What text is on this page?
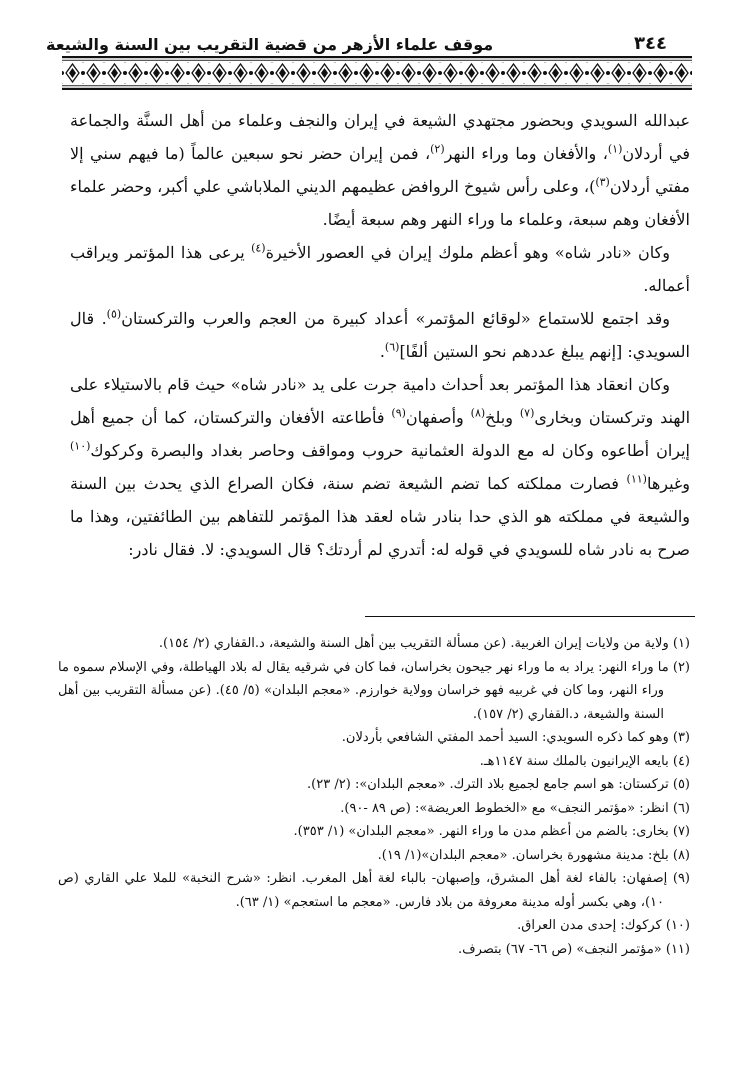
٣٤٤
موقف علماء الأزهر من قضية التقريب بين السنة والشيعة

عبدالله السويدي وبحضور مجتهدي الشيعة في إيران والنجف وعلماء من أهل السنَّة والجماعة في أردلان$^{(١)}$، والأفغان وما وراء النهر$^{(٢)}$، فمن إيران حضر نحو سبعين عالماً (ما فيهم سني إلا مفتي أردلان$^{(٣)}$)، وعلى رأس شيوخ الروافض عظيمهم الديني الملاباشي علي أكبر، وحضر علماء الأفغان وهم سبعة، وعلماء ما وراء النهر وهم سبعة أيضًا.

وكان «نادر شاه» وهو أعظم ملوك إيران في العصور الأخيرة$^{(٤)}$ يرعى هذا المؤتمر ويراقب أعماله.

وقد اجتمع للاستماع «لوقائع المؤتمر» أعداد كبيرة من العجم والعرب والتركستان$^{(٥)}$. قال السويدي: [إنهم يبلغ عددهم نحو الستين ألفًا]$^{(٦)}$.

وكان انعقاد هذا المؤتمر بعد أحداث دامية جرت على يد «نادر شاه» حيث قام بالاستيلاء على الهند وتركستان وبخارى$^{(٧)}$ وبلخ$^{(٨)}$ وأصفهان$^{(٩)}$ فأطاعته الأفغان والتركستان، كما أن جميع أهل إيران أطاعوه وكان له مع الدولة العثمانية حروب ومواقف وحاصر بغداد والبصرة وكركوك$^{(١٠)}$ وغيرها$^{(١١)}$ فصارت مملكته كما تضم الشيعة تضم سنة، فكان الصراع الذي يحدث بين السنة والشيعة في مملكته هو الذي حدا بنادر شاه لعقد هذا المؤتمر للتفاهم بين الطائفتين، وهذا ما صرح به نادر شاه للسويدي في قوله له: أتدري لم أردتك؟ قال السويدي: لا. فقال نادر:

(١) ولاية من ولايات إيران الغربية. (عن مسألة التقريب بين أهل السنة والشيعة، د.القفاري (٢/ ١٥٤).

(٢) ما وراء النهر: يراد به ما وراء نهر جيحون بخراسان، فما كان في شرقيه يقال له بلاد الهياطلة، وفي الإسلام سموه ما وراء النهر، وما كان في غربيه فهو خراسان وولاية خوارزم. «معجم البلدان» (٥/ ٤٥). (عن مسألة التقريب بين أهل السنة والشيعة، د.القفاري (٢/ ١٥٧).

(٣) وهو كما ذكره السويدي: السيد أحمد المفتي الشافعي بأردلان.

(٤) بايعه الإيرانيون بالملك سنة ١١٤٧هـ.

(٥) تركستان: هو اسم جامع لجميع بلاد الترك. «معجم البلدان»: (٢/ ٢٣).

(٦) انظر: «مؤتمر النجف» مع «الخطوط العريضة»: (ص ٨٩ -٩٠).

(٧) بخارى: بالضم من أعظم مدن ما وراء النهر. «معجم البلدان» (١/ ٣٥٣).

(٨) بلخ: مدينة مشهورة بخراسان. «معجم البلدان»(١/ ١٩).

(٩) إصفهان: بالفاء لغة أهل المشرق، وإصبهان- بالباء لغة أهل المغرب. انظر: «شرح النخبة» للملا علي القاري (ص ١٠)، وهي بكسر أوله مدينة معروفة من بلاد فارس. «معجم ما استعجم» (١/ ٦٣).

(١٠) كركوك: إحدى مدن العراق.

(١١) «مؤتمر النجف» (ص ٦٦- ٦٧) بتصرف.
